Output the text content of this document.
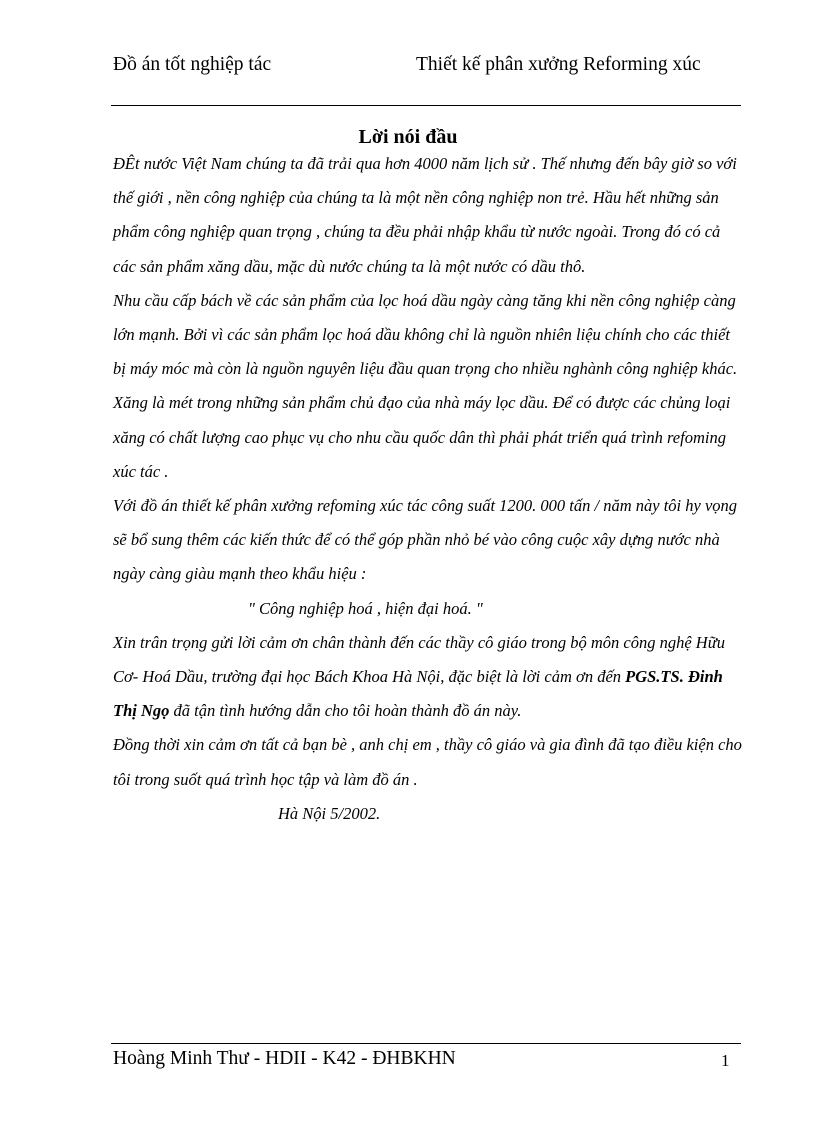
Đồ án tốt nghiệp tác	Thiết kế phân xưởng Reforming xúc
Lời nói đầu

ĐÊt nước Việt Nam chúng ta đã trải qua hơn 4000 năm lịch sử . Thế nhưng đến bây giờ so với thế giới , nền công nghiệp của chúng ta là một nền công nghiệp non trẻ. Hầu hết những sản phẩm công nghiệp quan trọng , chúng ta đều phải nhập khẩu từ nước ngoài. Trong đó có cả các sản phẩm xăng dầu, mặc dù nước chúng ta là một nước có dầu thô.

Nhu cầu cấp bách về các sản phẩm của lọc hoá dầu ngày càng tăng khi nền công nghiệp càng lớn mạnh. Bởi vì các sản phẩm lọc hoá dầu không chỉ là nguồn nhiên liệu chính cho các thiết bị máy móc mà còn là nguồn nguyên liệu đầu quan trọng cho nhiều nghành công nghiệp khác.

Xăng là mét trong những sản phẩm chủ đạo của nhà máy lọc dầu. Để có được các chủng loại xăng có chất lượng cao phục vụ cho nhu cầu quốc dân thì phải phát triển quá trình refoming xúc tác .

Với đồ án thiết kế phân xưởng refoming xúc tác công suất 1200. 000 tấn / năm này tôi hy vọng sẽ bổ sung thêm các kiến thức để có thể góp phần nhỏ bé vào công cuộc xây dựng nước nhà ngày càng giàu mạnh theo khẩu hiệu :

" Công nghiệp hoá , hiện đại hoá. "

Xin trân trọng gửi lời cảm ơn chân thành đến các thầy cô giáo trong bộ môn công nghệ Hữu Cơ- Hoá Dầu, trường đại học Bách Khoa Hà Nội, đặc biệt là lời cảm ơn đến PGS.TS. Đinh Thị Ngọ đã tận tình hướng dẫn cho tôi hoàn thành đồ án này.

Đồng thời xin cảm ơn tất cả bạn bè , anh chị em , thầy cô giáo và gia đình đã tạo điều kiện cho tôi trong suốt quá trình học tập và làm đồ án .

Hà Nội 5/2002.

Hoàng Minh Thư - HDII - K42 - ĐHBKHN	1
